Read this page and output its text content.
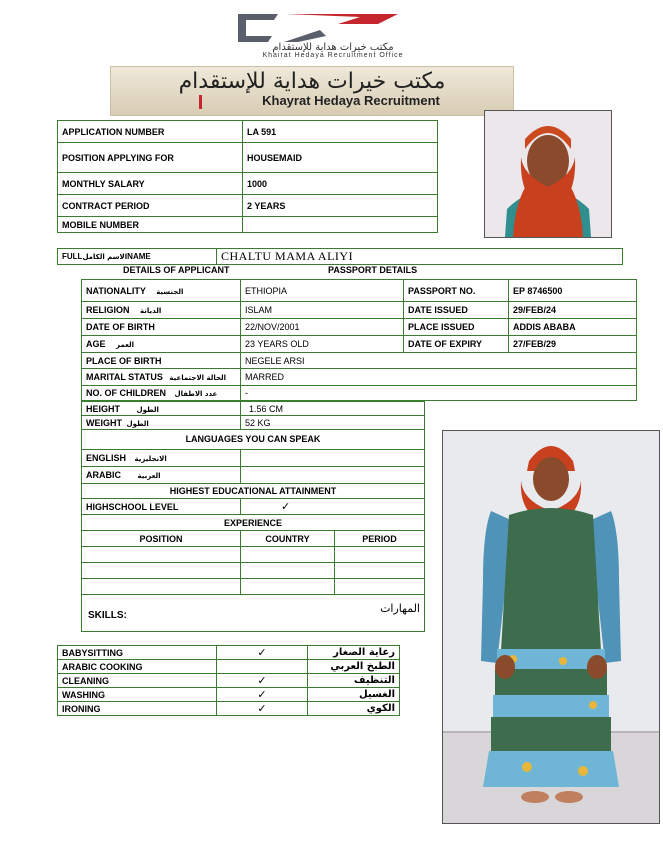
مكتب خيرات هداية للإستقدام
Khairat Hedaya Recruitment Office
مكتب خيرات هداية للإستقدام
Khayrat Hedaya Recruitment
APPLICATION NUMBER	LA 591
POSITION APPLYING FOR	HOUSEMAID
MONTHLY SALARY	1000
CONTRACT PERIOD	2 YEARS
MOBILE NUMBER	
FULLالاسم الكاملNAME	CHALTU MAMA ALIYI
DETAILS OF APPLICANT	PASSPORT DETAILS
NATIONALITY الجنسية	ETHIOPIA	PASSPORT NO.	EP 8746500
RELIGION الديانة	ISLAM	DATE ISSUED	29/FEB/24
DATE OF BIRTH	22/NOV/2001	PLACE ISSUED	ADDIS ABABA
AGE العمر	23 YEARS OLD	DATE OF EXPIRY	27/FEB/29
PLACE OF BIRTH	NEGELE ARSI		
MARITAL STATUS الحالة الاجتماعية	MARRED		
NO. OF CHILDREN عدد الاطفال	-		
HEIGHT الطول	1.56 CM
WEIGHT الطول	52 KG
LANGUAGES YOU CAN SPEAK
ENGLISH الانجليزية	
ARABIC العربية	
HIGHEST EDUCATIONAL ATTAINMENT
HIGHSCHOOL LEVEL	✓
EXPERIENCE
POSITION	COUNTRY	PERIOD

SKILLS:
المهارات
BABYSITTING	✓	رعاية الصغار
ARABIC COOKING		الطبخ العربي
CLEANING	✓	التنظيف
WASHING	✓	الغسيل
IRONING	✓	الكوي
